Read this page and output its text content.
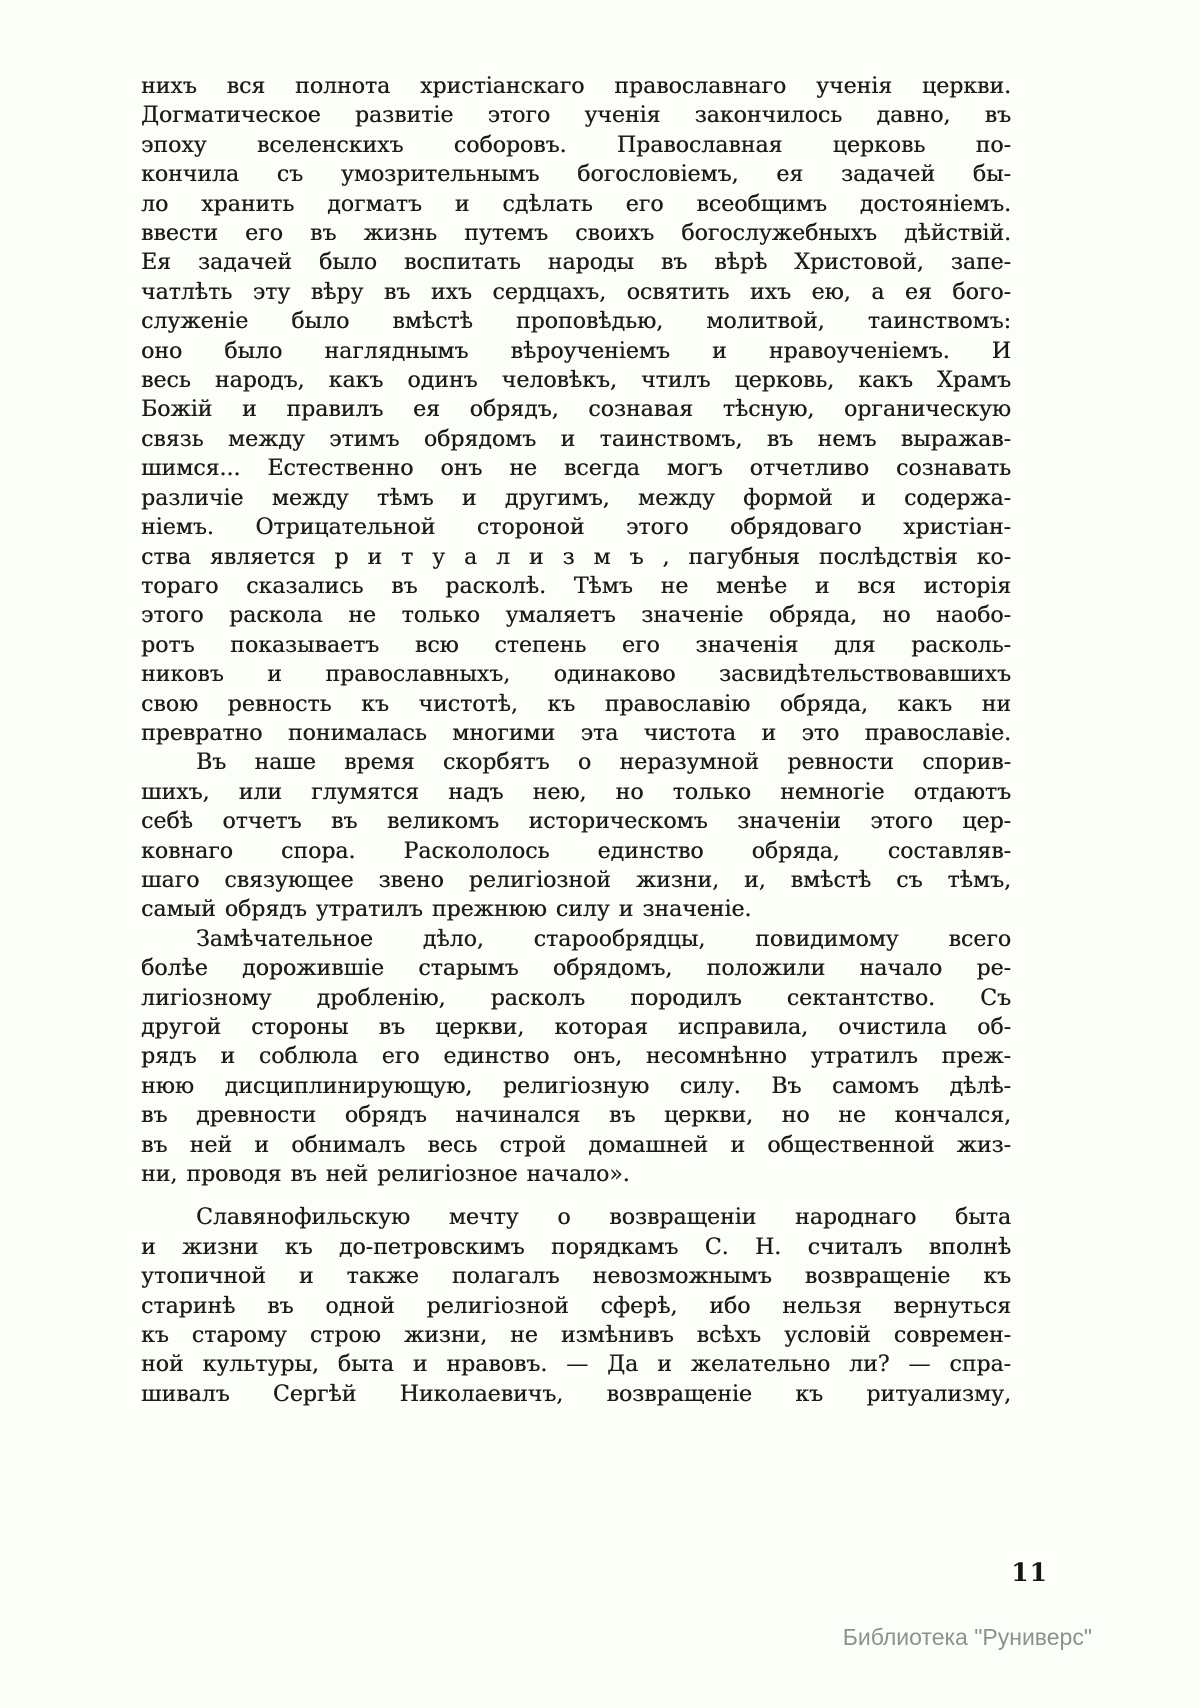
нихъ вся полнота христіанскаго православнаго ученія церкви.
Догматическое развитіе этого ученія закончилось давно, въ
эпоху вселенскихъ соборовъ. Православная церковь по-
кончила съ умозрительнымъ богословіемъ, ея задачей бы-
ло хранить догматъ и сдѣлать его всеобщимъ достояніемъ.
ввести его въ жизнь путемъ своихъ богослужебныхъ дѣйствій.
Ея задачей было воспитать народы въ вѣрѣ Христовой, запе-
чатлѣть эту вѣру въ ихъ сердцахъ, освятить ихъ ею, а ея бого-
служеніе было вмѣстѣ проповѣдью, молитвой, таинствомъ:
оно было нагляднымъ вѣроученіемъ и нравоученіемъ. И
весь народъ, какъ одинъ человѣкъ, чтилъ церковь, какъ Храмъ
Божій и правилъ ея обрядъ, сознавая тѣсную, органическую
связь между этимъ обрядомъ и таинствомъ, въ немъ выражав-
шимся... Естественно онъ не всегда могъ отчетливо сознавать
различіе между тѣмъ и другимъ, между формой и содержа-
ніемъ. Отрицательной стороной этого обрядоваго христіан-
ства является р и т у а л и з м ъ , пагубныя послѣдствія ко-
тораго сказались въ расколѣ. Тѣмъ не менѣе и вся исторія
этого раскола не только умаляетъ значеніе обряда, но наобо-
ротъ показываетъ всю степень его значенія для расколь-
никовъ и православныхъ, одинаково засвидѣтельствовавшихъ
свою ревность къ чистотѣ, къ православію обряда, какъ ни
превратно понималась многими эта чистота и это православіе.

Въ наше время скорбятъ о неразумной ревности спорив-
шихъ, или глумятся надъ нею, но только немногіе отдаютъ
себѣ отчетъ въ великомъ историческомъ значеніи этого цер-
ковнаго спора. Раскололось единство обряда, составляв-
шаго связующее звено религіозной жизни, и, вмѣстѣ съ тѣмъ,
самый обрядъ утратилъ прежнюю силу и значеніе.

Замѣчательное дѣло, старообрядцы, повидимому всего
болѣе дорожившіе старымъ обрядомъ, положили начало ре-
лигіозному дробленію, расколъ породилъ сектантство. Съ
другой стороны въ церкви, которая исправила, очистила об-
рядъ и соблюла его единство онъ, несомнѣнно утратилъ преж-
нюю дисциплинирующую, религіозную силу. Въ самомъ дѣлѣ-
въ древности обрядъ начинался въ церкви, но не кончался,
въ ней и обнималъ весь строй домашней и общественной жиз-
ни, проводя въ ней религіозное начало».

Славянофильскую мечту о возвращеніи народнаго быта
и жизни къ до-петровскимъ порядкамъ С. Н. считалъ вполнѣ
утопичной и также полагалъ невозможнымъ возвращеніе къ
старинѣ въ одной религіозной сферѣ, ибо нельзя вернуться
къ старому строю жизни, не измѣнивъ всѣхъ условій современ-
ной культуры, быта и нравовъ. — Да и желательно ли? — спра-
шивалъ Сергѣй Николаевичъ, возвращеніе къ ритуализму,

11
Библиотека "Руниверс"
